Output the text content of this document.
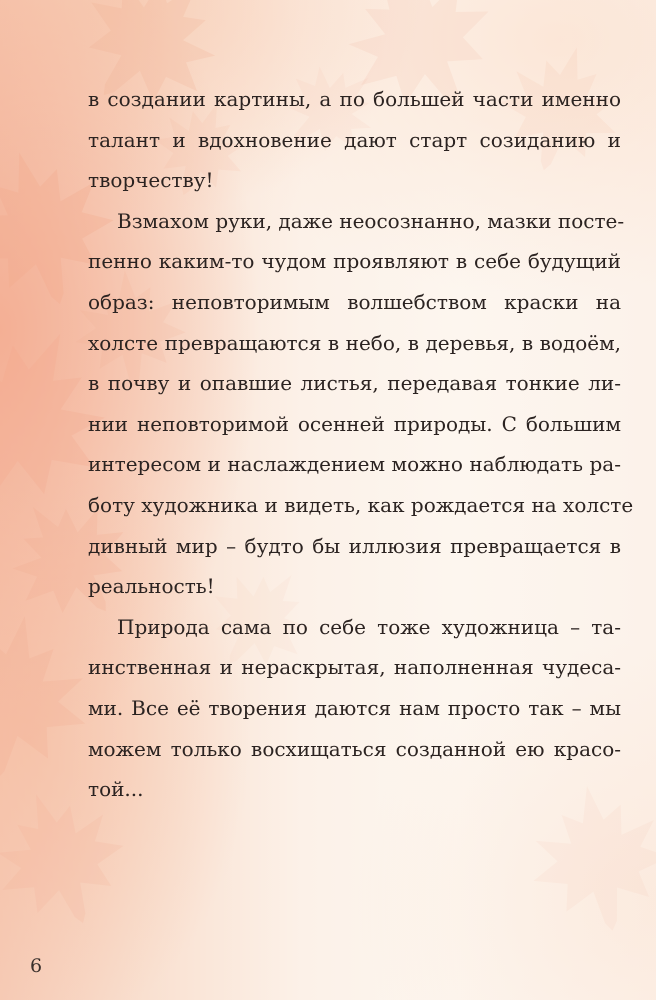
в создании картины, а по большей части именно
талант и вдохновение дают старт созиданию и
творчеству!

Взмахом руки, даже неосознанно, мазки посте-
пенно каким-то чудом проявляют в себе будущий
образ: неповторимым волшебством краски на
холсте превращаются в небо, в деревья, в водоём,
в почву и опавшие листья, передавая тонкие ли-
нии неповторимой осенней природы. С большим
интересом и наслаждением можно наблюдать ра-
боту художника и видеть, как рождается на холсте
дивный мир – будто бы иллюзия превращается в
реальность!

Природа сама по себе тоже художница – та-
инственная и нераскрытая, наполненная чудеса-
ми. Все её творения даются нам просто так – мы
можем только восхищаться созданной ею красо-
той...

6
